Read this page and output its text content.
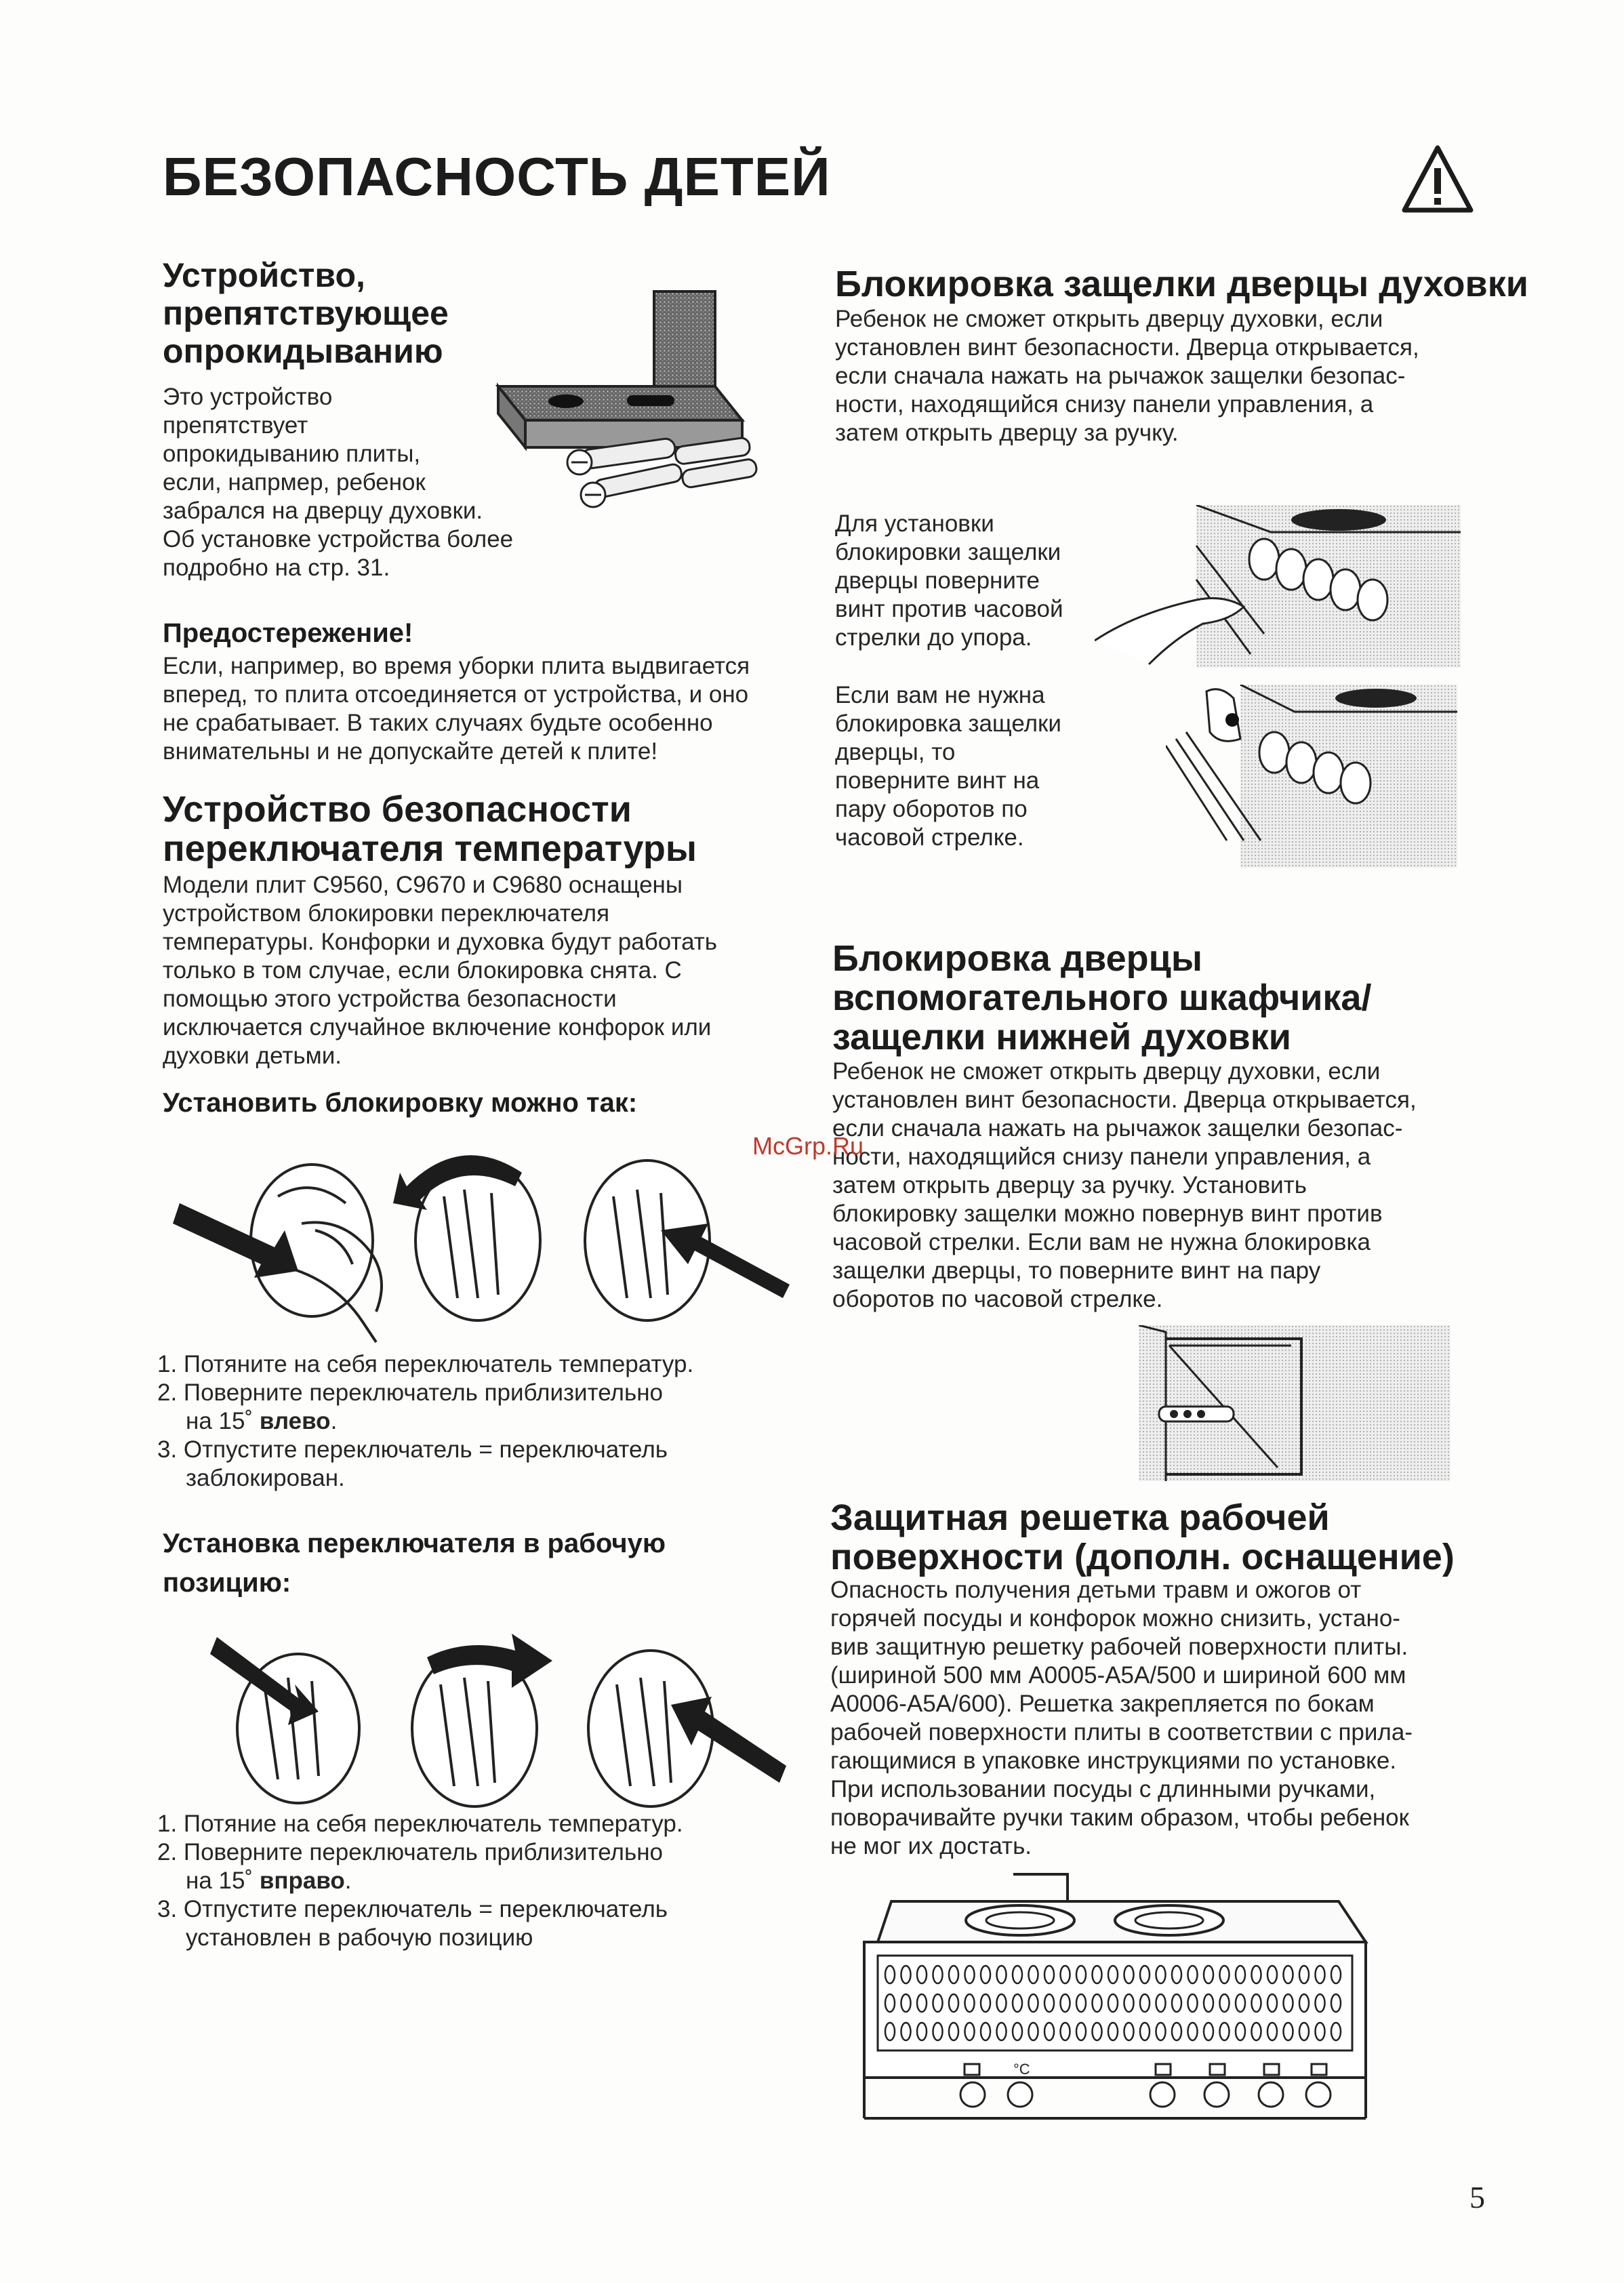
БЕЗОПАСНОСТЬ ДЕТЕЙ
Устройство,
препятствующее
опрокидыванию

Это устройство

препятствует

опрокидыванию плиты,

если, напрмер, ребенок

забрался на дверцу духовки.

Об установке устройства более

подробно на стр. 31.

Предостережение!

Если, например, во время уборки плита выдвигается

вперед, то плита отсоединяется от устройства, и оно

не срабатывает. В таких случаях будьте особенно

внимательны и не допускайте детей к плите!

Устройство безопасности
переключателя температуры

Модели плит С9560, С9670 и С9680 оснащены

устройством блокировки переключателя

температуры. Конфорки и духовка будут работать

только в том случае, если блокировка снята. С

помощью этого устройства безопасности

исключается случайное включение конфорок или

духовки детьми.

Установить блокировку можно так:
1. Потяните на себя переключатель температур.
2. Поверните переключатель приблизительно
на 15˚ влево.
3. Отпустите переключатель = переключатель
заблокирован.
Установка переключателя в рабочую
позицию:
1. Потяние на себя переключатель температур.
2. Поверните переключатель приблизительно
на 15˚ вправо.
3. Отпустите переключатель = переключатель
установлен в рабочую позицию
Блокировка защелки дверцы духовки

Ребенок не сможет открыть дверцу духовки, если

установлен винт безопасности. Дверца открывается,

если сначала нажать на рычажок защелки безопас-

ности, находящийся снизу панели управления, а

затем открыть дверцу за ручку.

Для установки

блокировки защелки

дверцы поверните

винт против часовой

стрелки до упора.

Если вам не нужна

блокировка защелки

дверцы, то

поверните винт на

пару оборотов по

часовой стрелке.

Блокировка дверцы
вспомогательного шкафчика/
защелки нижней духовки

Ребенок не сможет открыть дверцу духовки, если

установлен винт безопасности. Дверца открывается,

если сначала нажать на рычажок защелки безопас-

ности, находящийся снизу панели управления, а

затем открыть дверцу за ручку. Установить

блокировку защелки можно повернув винт против

часовой стрелки. Если вам не нужна блокировка

защелки дверцы, то поверните винт на пару

оборотов по часовой стрелке.

Защитная решетка рабочей
поверхности (дополн. оснащение)

Опасность получения детьми травм и ожогов от

горячей посуды и конфорок можно снизить, устано-

вив защитную решетку рабочей поверхности плиты.

(шириной 500 мм А0005-А5А/500 и шириной 600 мм

А0006-А5А/600). Решетка закрепляется по бокам

рабочей поверхности плиты в соответствии с прила-

гающимися в упаковке инструкциями по установке.

При использовании посуды с длинными ручками,

поворачивайте ручки таким образом, чтобы ребенок

не мог их достать.

°C
McGrp.Ru
5
